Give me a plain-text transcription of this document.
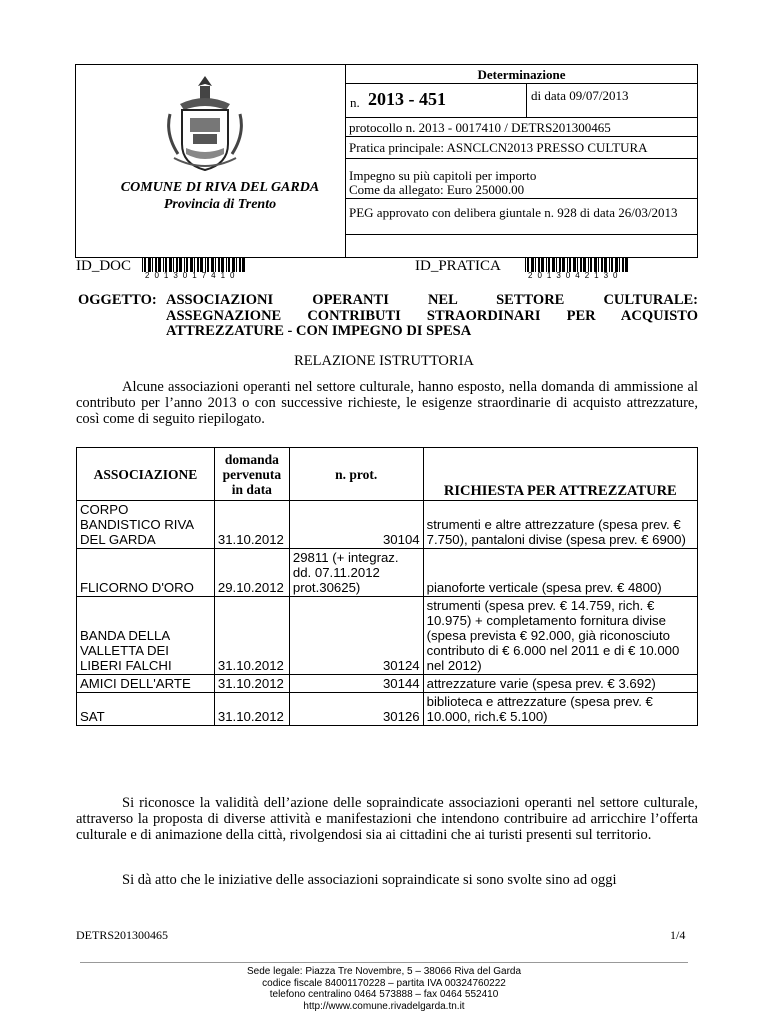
Determinazione
n. 2013 - 451	di data 09/07/2013
protocollo n. 2013 - 0017410 / DETRS201300465
Pratica principale: ASNCLCN2013 PRESSO CULTURA
Impegno su più capitoli per importo
Come da allegato: Euro 25000.00
PEG approvato con delibera giuntale n. 928 di data 26/03/2013
COMUNE DI RIVA DEL GARDA
Provincia di Trento
ID_DOC
2013017410
ID_PRATICA
2013042130
OGGETTO: ASSOCIAZIONI OPERANTI NEL SETTORE CULTURALE:
ASSEGNAZIONE CONTRIBUTI STRAORDINARI PER ACQUISTO
ATTREZZATURE - CON IMPEGNO DI SPESA
RELAZIONE ISTRUTTORIA
Alcune associazioni operanti nel settore culturale, hanno esposto, nella domanda di ammissione al contributo per l’anno 2013 o con successive richieste, le esigenze straordinarie di acquisto attrezzature, così come di seguito riepilogato.
ASSOCIAZIONE	domanda pervenuta in data	n. prot.	RICHIESTA PER ATTREZZATURE
CORPO BANDISTICO RIVA DEL GARDA	31.10.2012	30104	strumenti e altre attrezzature (spesa prev. € 7.750), pantaloni divise (spesa prev. € 6900)
FLICORNO D'ORO	29.10.2012	29811 (+ integraz. dd. 07.11.2012 prot.30625)	pianoforte verticale (spesa prev. € 4800)
BANDA DELLA VALLETTA DEI LIBERI FALCHI	31.10.2012	30124	strumenti (spesa prev. € 14.759, rich. € 10.975) + completamento fornitura divise (spesa prevista € 92.000, già riconosciuto contributo di € 6.000 nel 2011 e di € 10.000 nel 2012)
AMICI DELL'ARTE	31.10.2012	30144	attrezzature varie (spesa prev. € 3.692)
SAT	31.10.2012	30126	biblioteca e attrezzature (spesa prev. € 10.000, rich.€ 5.100)
Si riconosce la validità dell’azione delle sopraindicate associazioni operanti nel settore culturale, attraverso la proposta di diverse attività e manifestazioni che intendono contribuire ad arricchire l’offerta culturale e di animazione della città, rivolgendosi sia ai cittadini che ai turisti presenti sul territorio.
Si dà atto che le iniziative delle associazioni sopraindicate si sono svolte sino ad oggi
DETRS201300465	1/4
Sede legale: Piazza Tre Novembre, 5 – 38066 Riva del Garda
codice fiscale 84001170228 – partita IVA 00324760222
telefono centralino 0464 573888 – fax 0464 552410
http://www.comune.rivadelgarda.tn.it
